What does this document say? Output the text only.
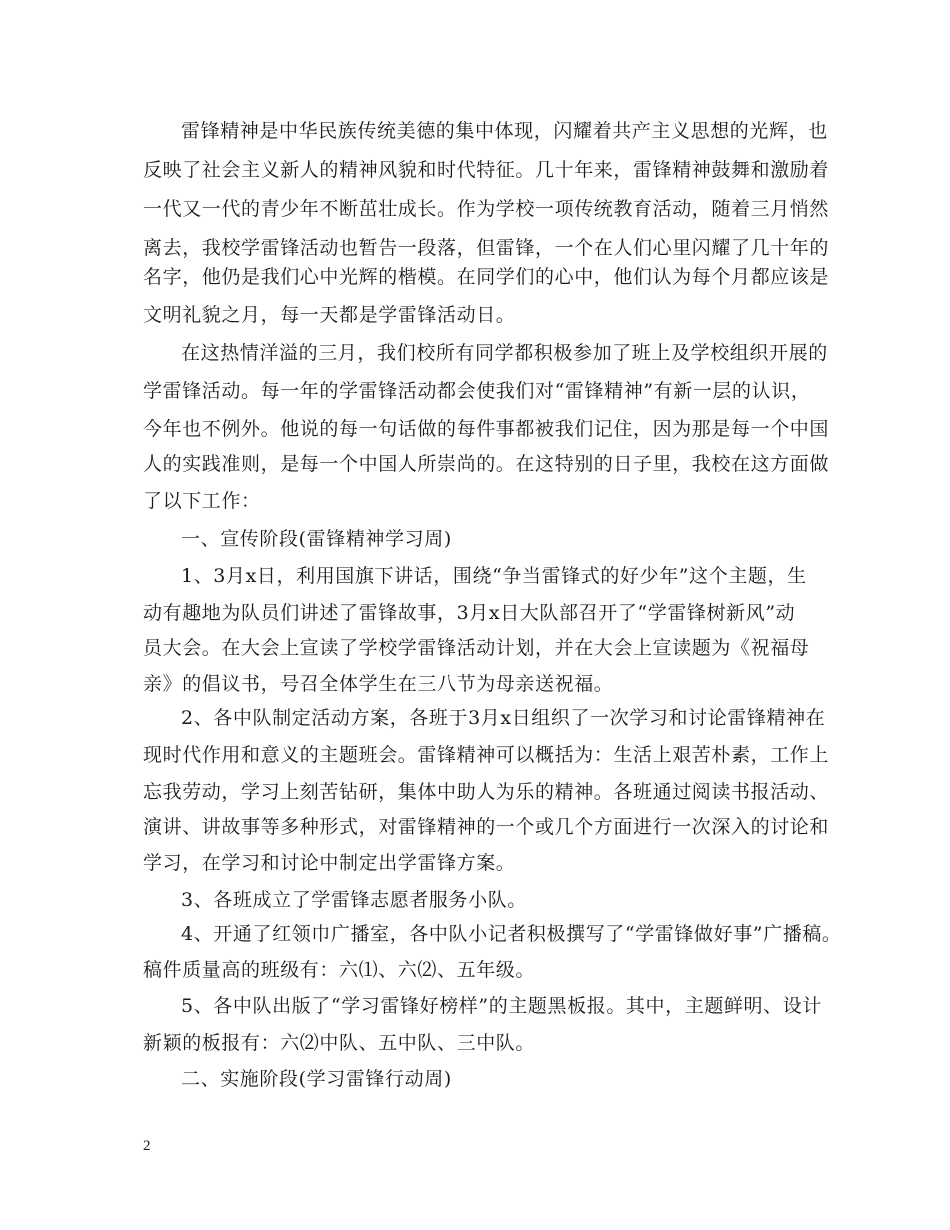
雷锋精神是中华民族传统美德的集中体现，闪耀着共产主义思想的光辉，也
反映了社会主义新人的精神风貌和时代特征。几十年来，雷锋精神鼓舞和激励着
一代又一代的青少年不断茁壮成长。作为学校一项传统教育活动，随着三月悄然
离去，我校学雷锋活动也暂告一段落，但雷锋，一个在人们心里闪耀了几十年的
名字，他仍是我们心中光辉的楷模。在同学们的心中，他们认为每个月都应该是
文明礼貌之月，每一天都是学雷锋活动日。
在这热情洋溢的三月，我们校所有同学都积极参加了班上及学校组织开展的
学雷锋活动。每一年的学雷锋活动都会使我们对“雷锋精神”有新一层的认识，
今年也不例外。他说的每一句话做的每件事都被我们记住，因为那是每一个中国
人的实践准则，是每一个中国人所崇尚的。在这特别的日子里，我校在这方面做
了以下工作：
一、宣传阶段(雷锋精神学习周)
1、3月x日，利用国旗下讲话，围绕“争当雷锋式的好少年”这个主题，生
动有趣地为队员们讲述了雷锋故事，3月x日大队部召开了“学雷锋树新风”动
员大会。在大会上宣读了学校学雷锋活动计划，并在大会上宣读题为《祝福母
亲》的倡议书，号召全体学生在三八节为母亲送祝福。
2、各中队制定活动方案，各班于3月x日组织了一次学习和讨论雷锋精神在
现时代作用和意义的主题班会。雷锋精神可以概括为：生活上艰苦朴素，工作上
忘我劳动，学习上刻苦钻研，集体中助人为乐的精神。各班通过阅读书报活动、
演讲、讲故事等多种形式，对雷锋精神的一个或几个方面进行一次深入的讨论和
学习，在学习和讨论中制定出学雷锋方案。
3、各班成立了学雷锋志愿者服务小队。
4、开通了红领巾广播室，各中队小记者积极撰写了“学雷锋做好事”广播稿。
稿件质量高的班级有：六⑴、六⑵、五年级。
5、各中队出版了“学习雷锋好榜样”的主题黑板报。其中，主题鲜明、设计
新颖的板报有：六⑵中队、五中队、三中队。
二、实施阶段(学习雷锋行动周)
2
